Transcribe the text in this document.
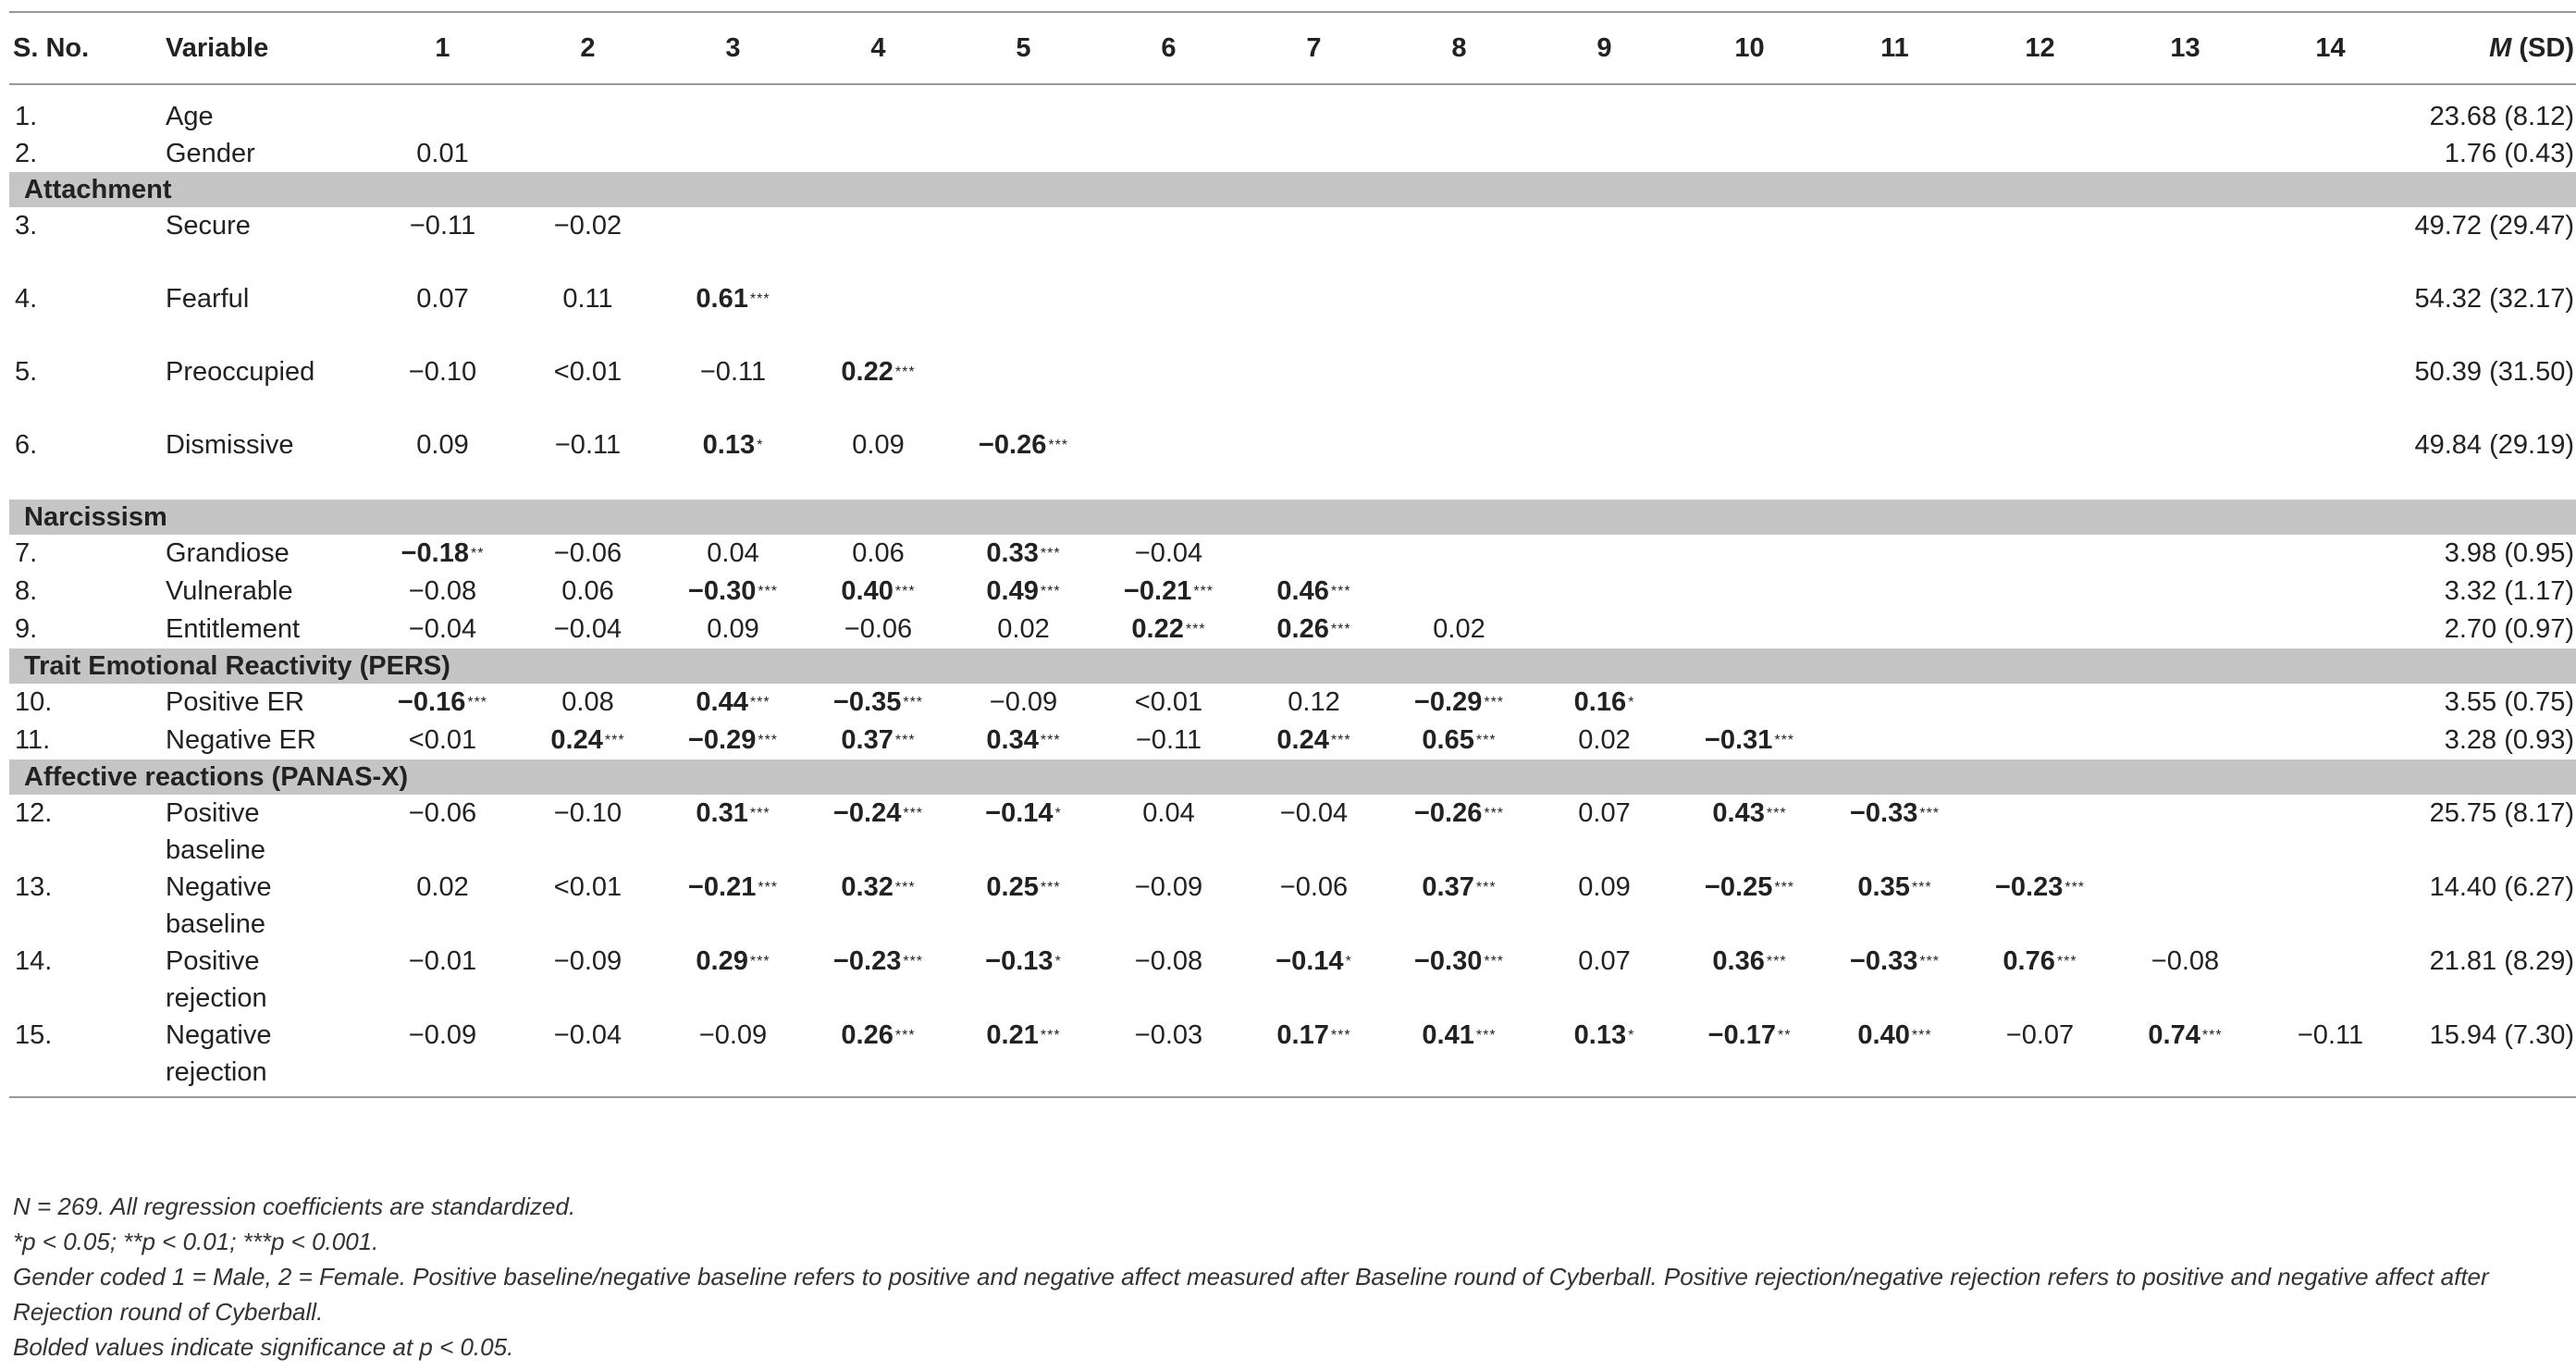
S. No.	Variable	1	2	3	4	5	6	7	8	9	10	11	12	13	14	M (SD)

1.	Age															23.68 (8.12)
2.	Gender	0.01														1.76 (0.43)
Attachment																
3.	Secure	−0.11	−0.02													49.72 (29.47)
4.	Fearful	0.07	0.11	0.61 ***												54.32 (32.17)
5.	Preoccupied	−0.10	<0.01	−0.11	0.22 ***											50.39 (31.50)
6.	Dismissive	0.09	−0.11	0.13 *	0.09	−0.26 ***										49.84 (29.19)
Narcissism																
7.	Grandiose	−0.18 **	−0.06	0.04	0.06	0.33 ***	−0.04									3.98 (0.95)
8.	Vulnerable	−0.08	0.06	−0.30 ***	0.40 ***	0.49 ***	−0.21 ***	0.46 ***								3.32 (1.17)
9.	Entitlement	−0.04	−0.04	0.09	−0.06	0.02	0.22 ***	0.26 ***	0.02							2.70 (0.97)
Trait Emotional Reactivity (PERS)																
10.	Positive ER	−0.16 ***	0.08	0.44 ***	−0.35 ***	−0.09	<0.01	0.12	−0.29 ***	0.16 *						3.55 (0.75)
11.	Negative ER	<0.01	0.24 ***	−0.29 ***	0.37 ***	0.34 ***	−0.11	0.24 ***	0.65 ***	0.02	−0.31 ***					3.28 (0.93)
Affective reactions (PANAS-X)																
12.	Positive baseline	−0.06	−0.10	0.31 ***	−0.24 ***	−0.14 *	0.04	−0.04	−0.26 ***	0.07	0.43 ***	−0.33 ***				25.75 (8.17)
13.	Negative baseline	0.02	<0.01	−0.21 ***	0.32 ***	0.25 ***	−0.09	−0.06	0.37 ***	0.09	−0.25 ***	0.35 ***	−0.23 ***			14.40 (6.27)
14.	Positive rejection	−0.01	−0.09	0.29 ***	−0.23 ***	−0.13 *	−0.08	−0.14 *	−0.30 ***	0.07	0.36 ***	−0.33 ***	0.76 ***	−0.08		21.81 (8.29)
15.	Negative rejection	−0.09	−0.04	−0.09	0.26 ***	0.21 ***	−0.03	0.17 ***	0.41 ***	0.13 *	−0.17 **	0.40 ***	−0.07	0.74 ***	−0.11	15.94 (7.30)

N = 269. All regression coefficients are standardized.

*p < 0.05; **p < 0.01; ***p < 0.001.

Gender coded 1 = Male, 2 = Female. Positive baseline/negative baseline refers to positive and negative affect measured after Baseline round of Cyberball. Positive rejection/negative rejection refers to positive and negative affect after Rejection round of Cyberball.

Bolded values indicate significance at p < 0.05.
